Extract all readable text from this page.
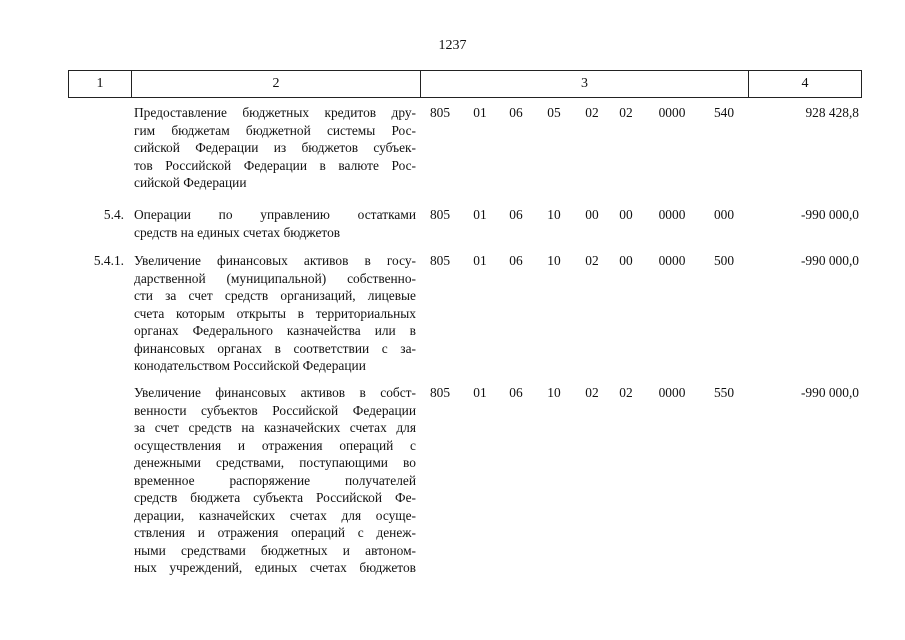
1237
1	2	3	4
Предоставление бюджетных кредитов дру-
гим бюджетам бюджетной системы Рос-
сийской Федерации из бюджетов субъек-
тов Российской Федерации в валюте Рос-
сийской Федерации
805	01	06	05	02	02	0000	540	928 428,8
5.4. Операции по управлению остатками
средств на единых счетах бюджетов
805	01	06	10	00	00	0000	000	-990 000,0
5.4.1. Увеличение финансовых активов в госу-
дарственной (муниципальной) собственно-
сти за счет средств организаций, лицевые
счета которым открыты в территориальных
органах Федерального казначейства или в
финансовых органах в соответствии с за-
конодательством Российской Федерации
805	01	06	10	02	00	0000	500	-990 000,0
Увеличение финансовых активов в собст-
венности субъектов Российской Федерации
за счет средств на казначейских счетах для
осуществления и отражения операций с
денежными средствами, поступающими во
временное распоряжение получателей
средств бюджета субъекта Российской Фе-
дерации, казначейских счетах для осуще-
ствления и отражения операций с денеж-
ными средствами бюджетных и автоном-
ных учреждений, единых счетах бюджетов
805	01	06	10	02	02	0000	550	-990 000,0
